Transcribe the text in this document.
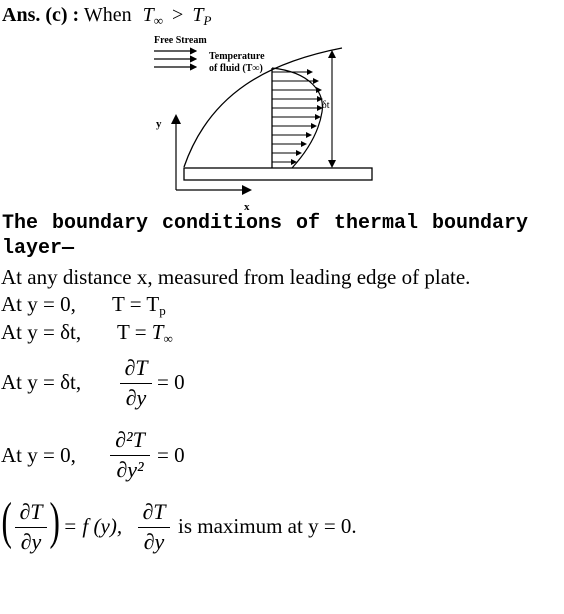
Ans. (c) : When $T_\infty > T_P$
Free Stream
Temperature
of fluid (T∞)
δt
y
x
The boundary conditions of thermal boundary
layer—
At any distance x, measured from leading edge of plate.
At y = 0, $T = T_p$
At y = δt, $T = T_\infty$
At y = δt,
∂T
∂y
= 0
At y = 0,
∂²T
∂y²
= 0
( ∂T
∂y ) = f (y),
∂T
∂y
is maximum at y = 0.
